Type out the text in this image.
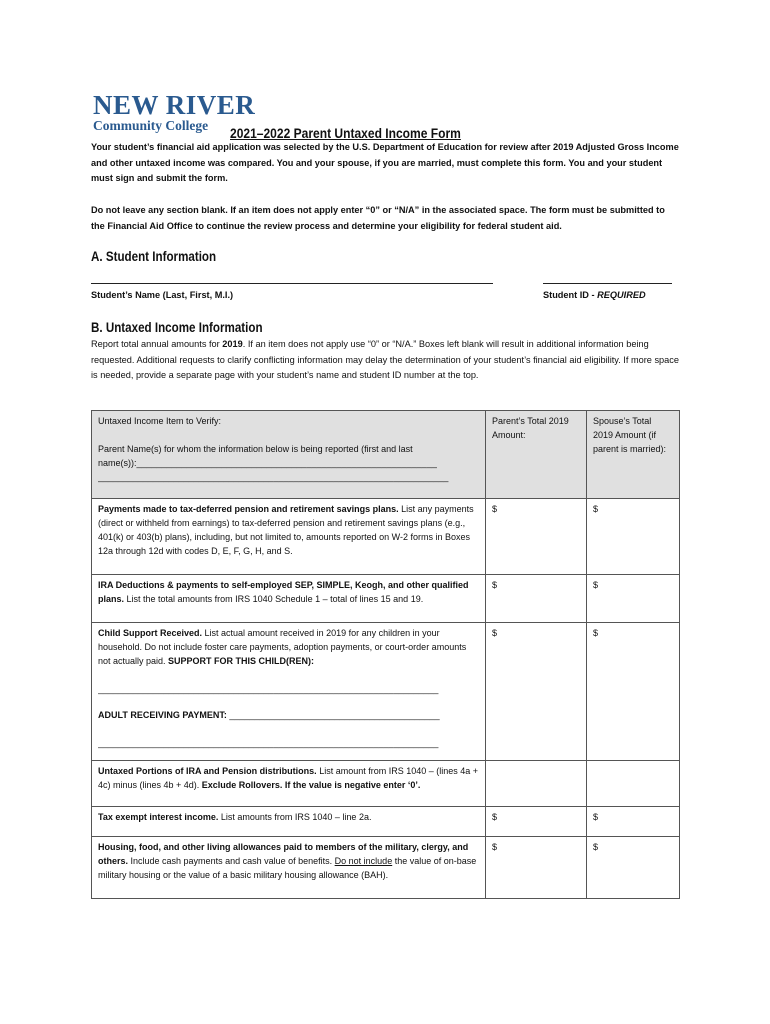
NEW RIVER
Community College 2021–2022 Parent Untaxed Income Form
Your student’s financial aid application was selected by the U.S. Department of Education for review after 2019 Adjusted Gross Income and other untaxed income was compared. You and your spouse, if you are married, must complete this form. You and your student must sign and submit the form.
Do not leave any section blank. If an item does not apply enter “0” or “N/A” in the associated space. The form must be submitted to the Financial Aid Office to continue the review process and determine your eligibility for federal student aid.
A. Student Information
Student’s Name (Last, First, M.I.)	Student ID - REQUIRED
B. Untaxed Income Information
Report total annual amounts for 2019. If an item does not apply use “0” or “N/A.” Boxes left blank will result in additional information being requested. Additional requests to clarify conflicting information may delay the determination of your student’s financial aid eligibility. If more space is needed, provide a separate page with your student’s name and student ID number at the top.
Untaxed Income Item to Verify:
Parent Name(s) for whom the information below is being reported (first and last
name(s)):____________________________________________________________
______________________________________________________________________	Parent’s Total 2019 Amount:	Spouse’s Total 2019 Amount (if parent is married):
Payments made to tax-deferred pension and retirement savings plans. List any payments (direct or withheld from earnings) to tax-deferred pension and retirement savings plans (e.g., 401(k) or 403(b) plans), including, but not limited to, amounts reported on W-2 forms in Boxes 12a through 12d with codes D, E, F, G, H, and S.	$	$
IRA Deductions & payments to self-employed SEP, SIMPLE, Keogh, and other qualified plans. List the total amounts from IRS 1040 Schedule 1 – total of lines 15 and 19.	$	$

Child Support Received. List actual amount received in 2019 for any children in your household. Do not include foster care payments, adoption payments, or court-order amounts not actually paid. SUPPORT FOR THIS CHILD(REN):
____________________________________________________________________
ADULT RECEIVING PAYMENT: __________________________________________
____________________________________________________________________	$	$
Untaxed Portions of IRA and Pension distributions. List amount from IRS 1040 – (lines 4a + 4c) minus (lines 4b + 4d). Exclude Rollovers. If the value is negative enter ‘0’.		
Tax exempt interest income. List amounts from IRS 1040 – line 2a.	$	$
Housing, food, and other living allowances paid to members of the military, clergy, and others. Include cash payments and cash value of benefits. Do not include the value of on-base military housing or the value of a basic military housing allowance (BAH).	$	$
